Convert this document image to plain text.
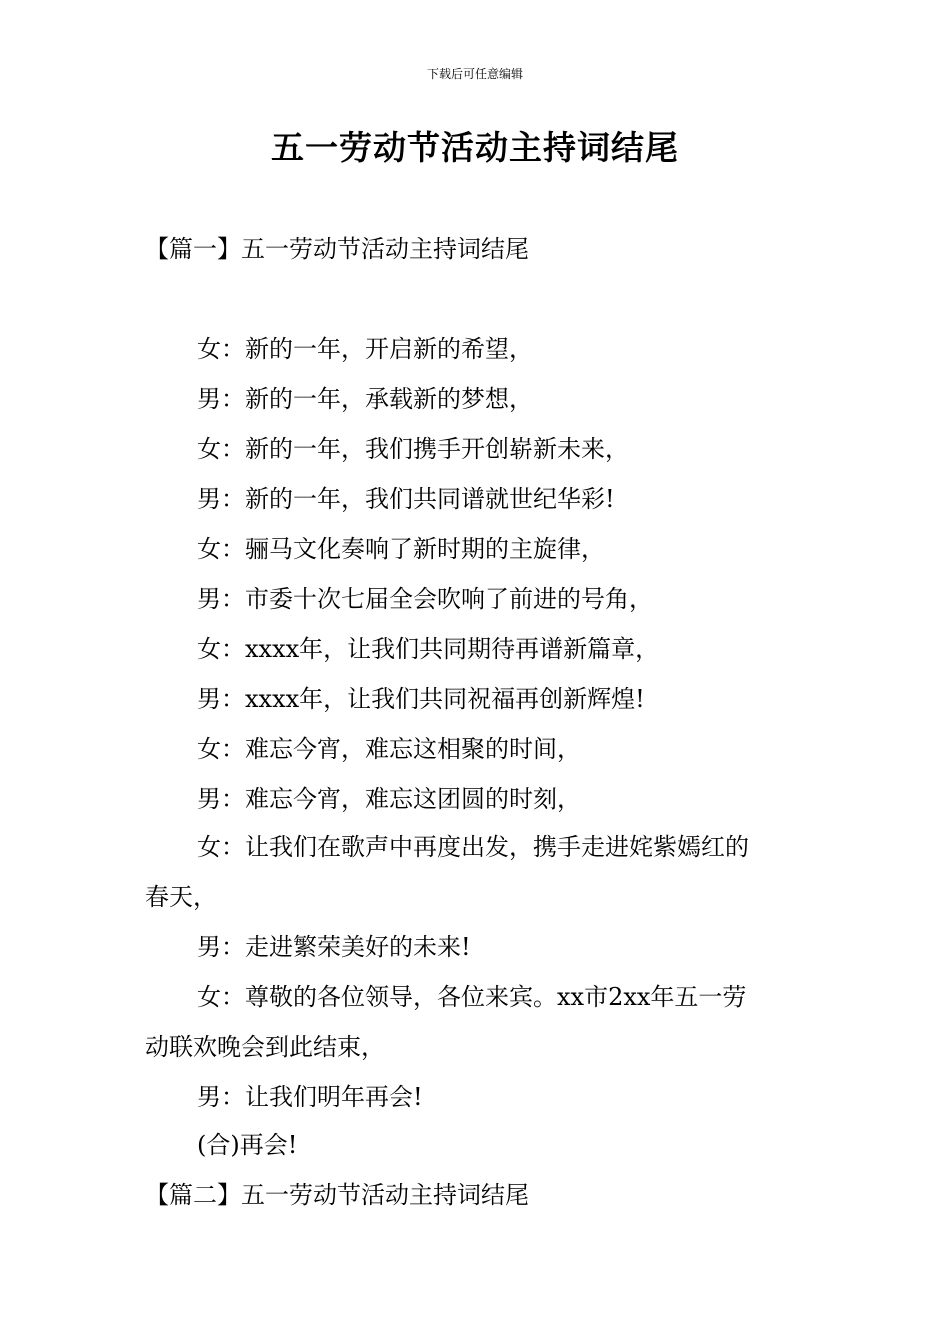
下载后可任意编辑
五一劳动节活动主持词结尾
【篇一】五一劳动节活动主持词结尾
女：新的一年，开启新的希望，
男：新的一年，承载新的梦想，
女：新的一年，我们携手开创崭新未来，
男：新的一年，我们共同谱就世纪华彩!
女：骊马文化奏响了新时期的主旋律，
男：市委十次七届全会吹响了前进的号角，
女：xxxx年，让我们共同期待再谱新篇章，
男：xxxx年，让我们共同祝福再创新辉煌!
女：难忘今宵，难忘这相聚的时间，
男：难忘今宵，难忘这团圆的时刻，
女：让我们在歌声中再度出发，携手走进姹紫嫣红的
春天，
男：走进繁荣美好的未来!
女：尊敬的各位领导，各位来宾。xx市2xx年五一劳
动联欢晚会到此结束，
男：让我们明年再会!
(合)再会!
【篇二】五一劳动节活动主持词结尾
